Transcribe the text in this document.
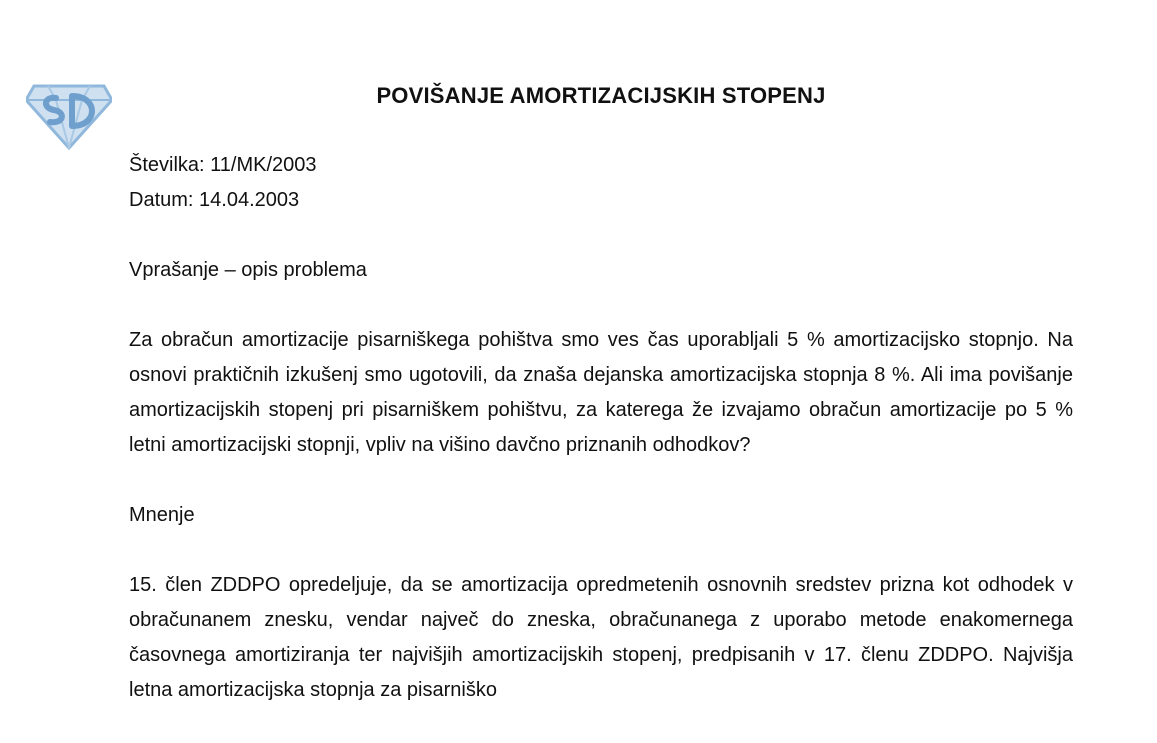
POVIŠANJE AMORTIZACIJSKIH STOPENJ

Številka: 11/MK/2003

Datum: 14.04.2003

Vprašanje – opis problema

Za obračun amortizacije pisarniškega pohištva smo ves čas uporabljali 5 % amortizacijsko stopnjo. Na osnovi praktičnih izkušenj smo ugotovili, da znaša dejanska amortizacijska stopnja 8 %. Ali ima povišanje amortizacijskih stopenj pri pisarniškem pohištvu, za katerega že izvajamo obračun amortizacije po 5 % letni amortizacijski stopnji, vpliv na višino davčno priznanih odhodkov?

Mnenje

15. člen ZDDPO opredeljuje, da se amortizacija opredmetenih osnovnih sredstev prizna kot odhodek v obračunanem znesku, vendar največ do zneska, obračunanega z uporabo metode enakomernega časovnega amortiziranja ter najvišjih amortizacijskih stopenj, predpisanih v 17. členu ZDDPO. Najvišja letna amortizacijska stopnja za pisarniško
